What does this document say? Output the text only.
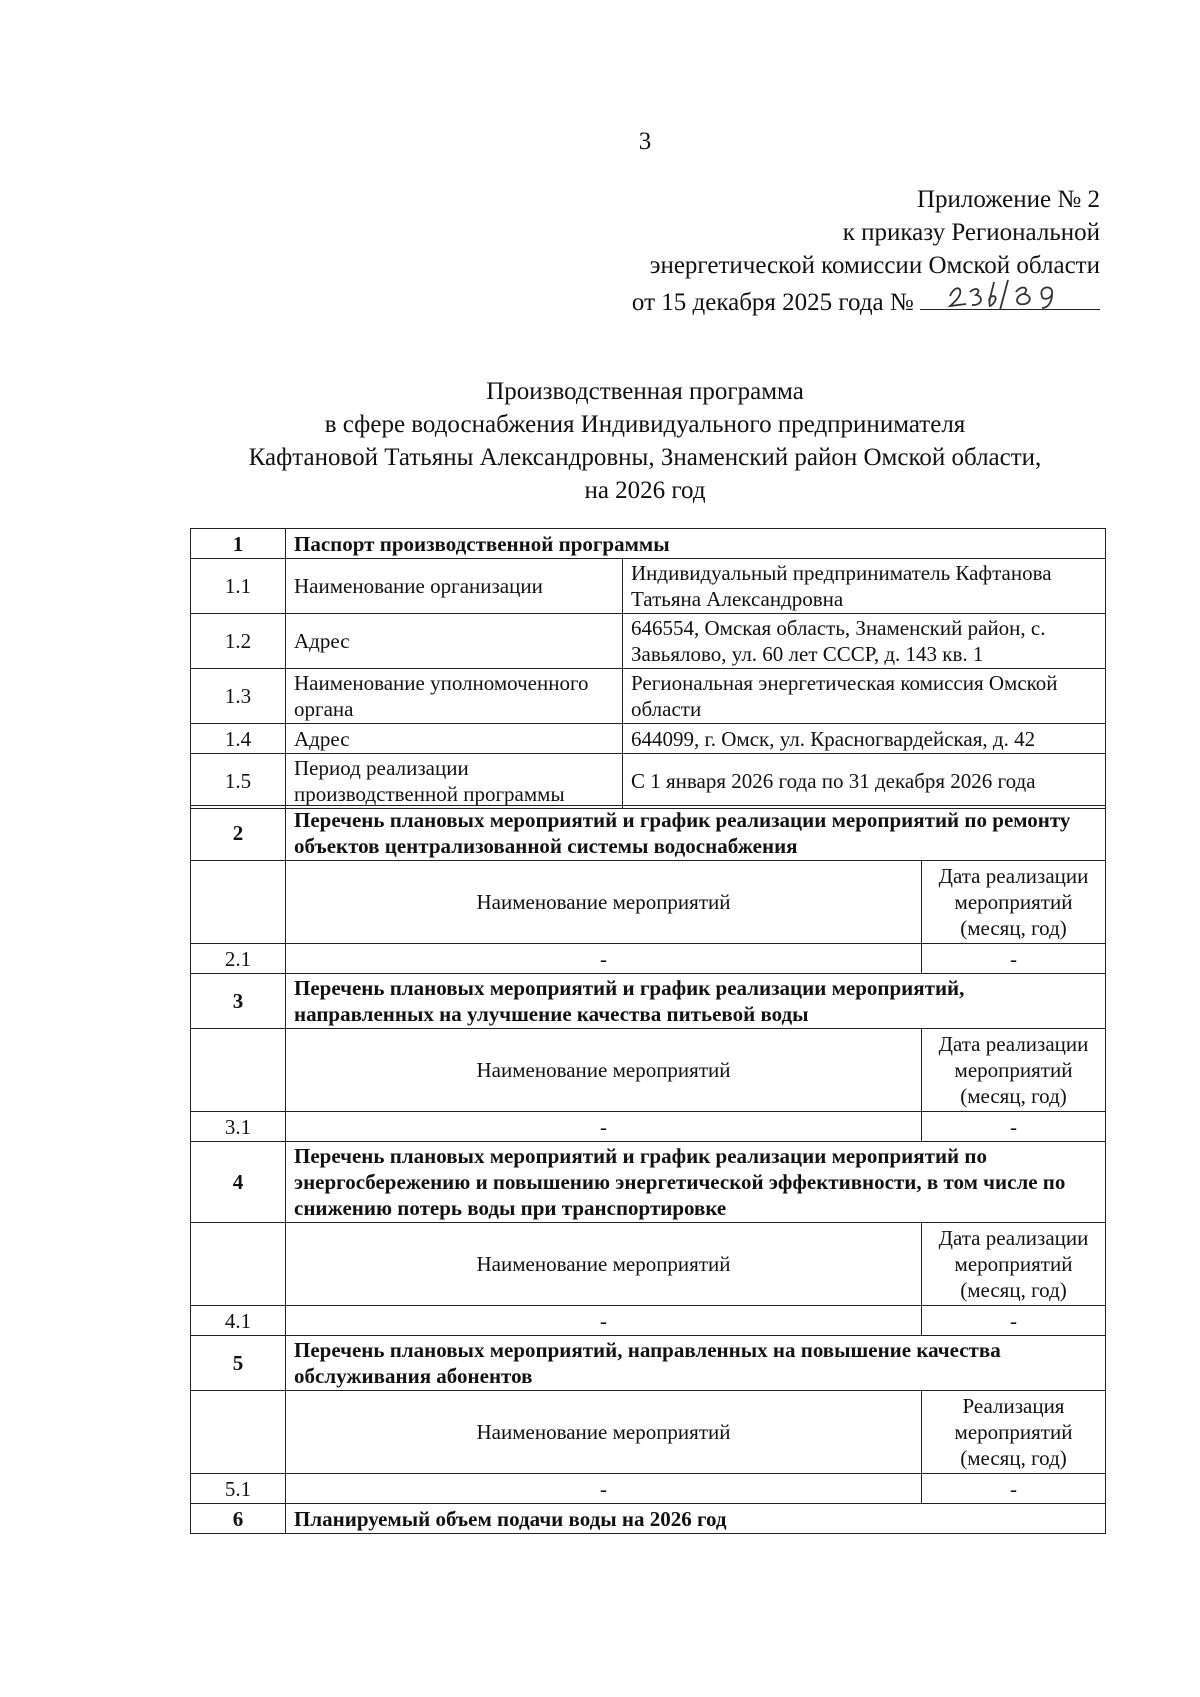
3
Приложение № 2
к приказу Региональной
энергетической комиссии Омской области
от 15 декабря 2025 года №
Производственная программа
в сфере водоснабжения Индивидуального предпринимателя
Кафтановой Татьяны Александровны, Знаменский район Омской области,
на 2026 год
1	Паспорт производственной программы	
1.1	Наименование организации	Индивидуальный предприниматель Кафтанова Татьяна Александровна
1.2	Адрес	646554, Омская область, Знаменский район, с. Завьялово, ул. 60 лет СССР, д. 143 кв. 1
1.3	Наименование уполномоченного органа	Региональная энергетическая комиссия Омской области
1.4	Адрес	644099, г. Омск, ул. Красногвардейская, д. 42
1.5	Период реализации производственной программы	С 1 января 2026 года по 31 декабря 2026 года
2	Перечень плановых мероприятий и график реализации мероприятий по ремонту объектов централизованной системы водоснабжения	
	Наименование мероприятий	Дата реализации мероприятий (месяц, год)
2.1	-	-
3	Перечень плановых мероприятий и график реализации мероприятий, направленных на улучшение качества питьевой воды	
	Наименование мероприятий	Дата реализации мероприятий (месяц, год)
3.1	-	-
4	Перечень плановых мероприятий и график реализации мероприятий по энергосбережению и повышению энергетической эффективности, в том числе по снижению потерь воды при транспортировке	
	Наименование мероприятий	Дата реализации мероприятий (месяц, год)
4.1	-	-
5	Перечень плановых мероприятий, направленных на повышение качества обслуживания абонентов	
	Наименование мероприятий	Реализация мероприятий (месяц, год)
5.1	-	-
6	Планируемый объем подачи воды на 2026 год	
